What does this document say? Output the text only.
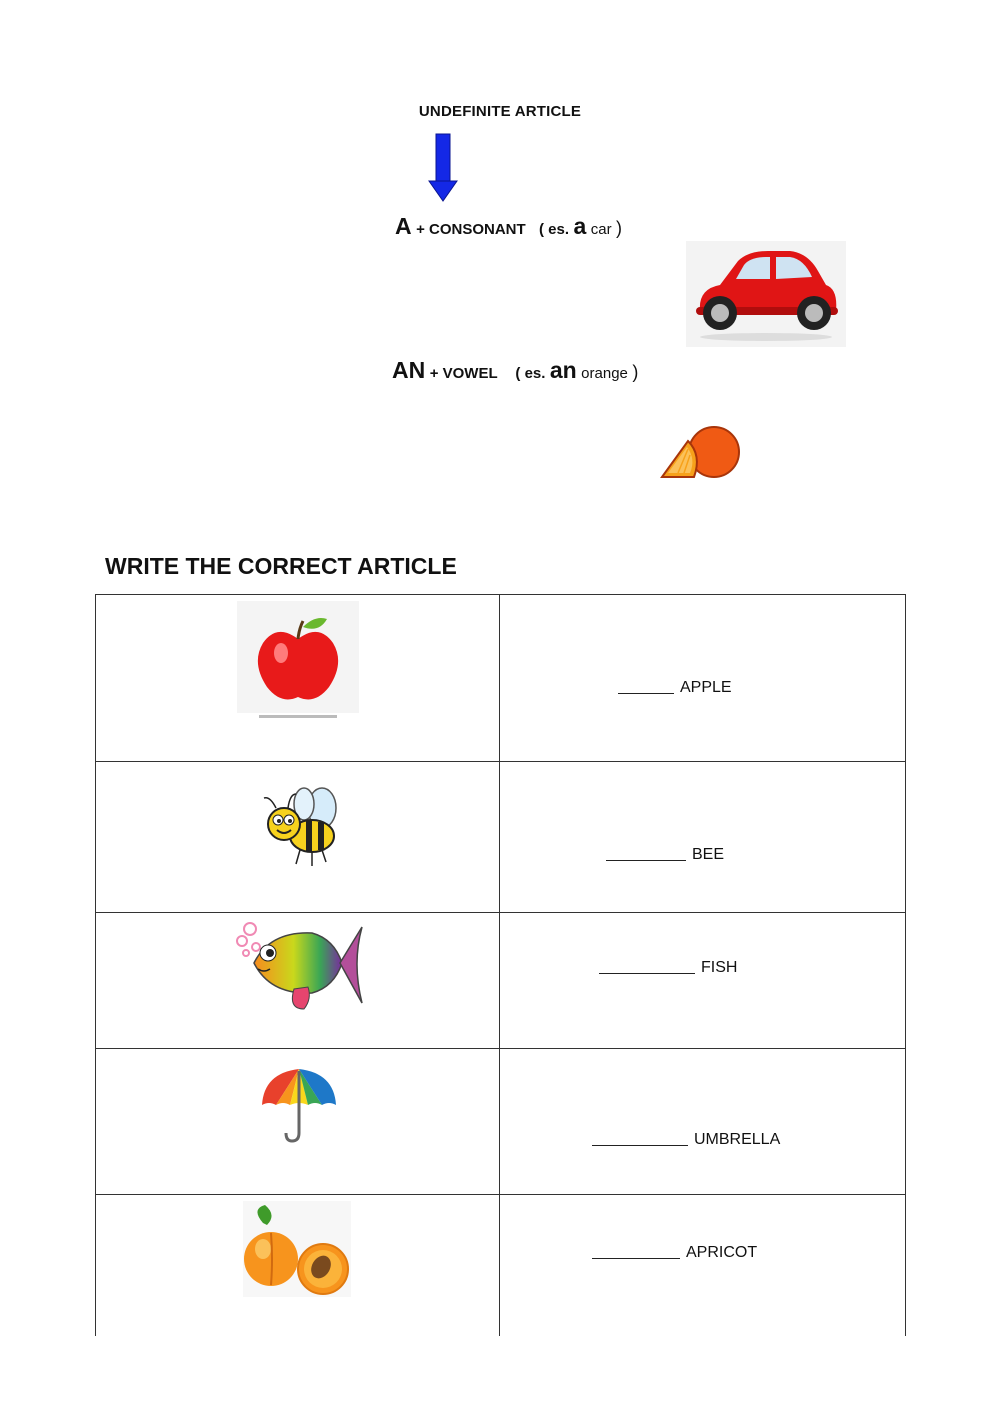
UNDEFINITE ARTICLE
A + CONSONANT ( es. a car )
AN + VOWEL ( es. an orange )
WRITE THE CORRECT ARTICLE

APPLE

BEE

FISH

UMBRELLA

APRICOT
